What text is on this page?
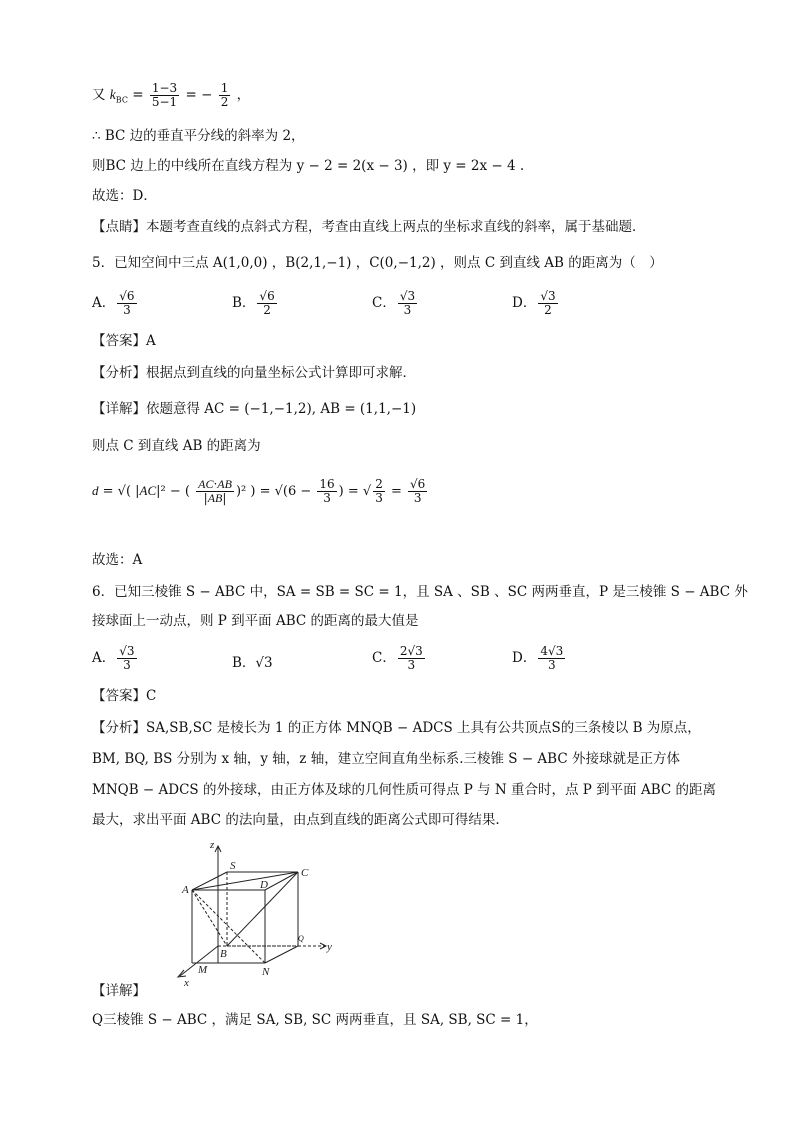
又 $k_{BC} = \frac{1-3}{5-1}$ = − $\frac{1}{2}$ ，
∴ BC 边的垂直平分线的斜率为 2，
则BC 边上的中线所在直线方程为 y − 2 = 2(x − 3) ，即 y = 2x − 4 .
故选：D．
【点睛】本题考查直线的点斜式方程，考查由直线上两点的坐标求直线的斜率，属于基础题．
5．已知空间中三点 A(1,0,0) ，B(2,1,−1) ，C(0,−1,2) ，则点 C 到直线 AB 的距离为（　）
A． $\frac{√6}{3}$	B． $\frac{√6}{2}$	C． $\frac{√3}{3}$	D． $\frac{√3}{2}$
【答案】A
【分析】根据点到直线的向量坐标公式计算即可求解．
【详解】依题意得 AC = (−1,−1,2), AB = (1,1,−1)
则点 C 到直线 AB 的距离为
d = √( |AC|² − ( $\frac{AC\cdot AB}{|AB|} )^2$ ) = $√(6 - \frac{16}{3}$ ) = √ $\frac{2}{3} = \frac{√6}{3}$
故选：A
6．已知三棱锥 S − ABC 中，SA = SB = SC = 1，且 SA 、SB 、SC 两两垂直，P 是三棱锥 S − ABC 外
接球面上一动点，则 P 到平面 ABC 的距离的最大值是
A． $\frac{√3}{3}$	B．√3	C． $\frac{2√3}{3}$	D． $\frac{4√3}{3}$
【答案】C
【分析】SA,SB,SC 是棱长为 1 的正方体 MNQB − ADCS 上具有公共顶点S的三条棱以 B 为原点，
BM, BQ, BS 分别为 x 轴，y 轴，z 轴，建立空间直角坐标系.三棱锥 S − ABC 外接球就是正方体
MNQB − ADCS 的外接球，由正方体及球的几何性质可得点 P 与 N 重合时，点 P 到平面 ABC 的距离
最大，求出平面 ABC 的法向量，由点到直线的距离公式即可得结果.
z
S
A	D
C
B
Q
y
M	N
x
【详解】
Q三棱锥 S − ABC ，满足 SA, SB, SC 两两垂直，且 SA, SB, SC = 1，
